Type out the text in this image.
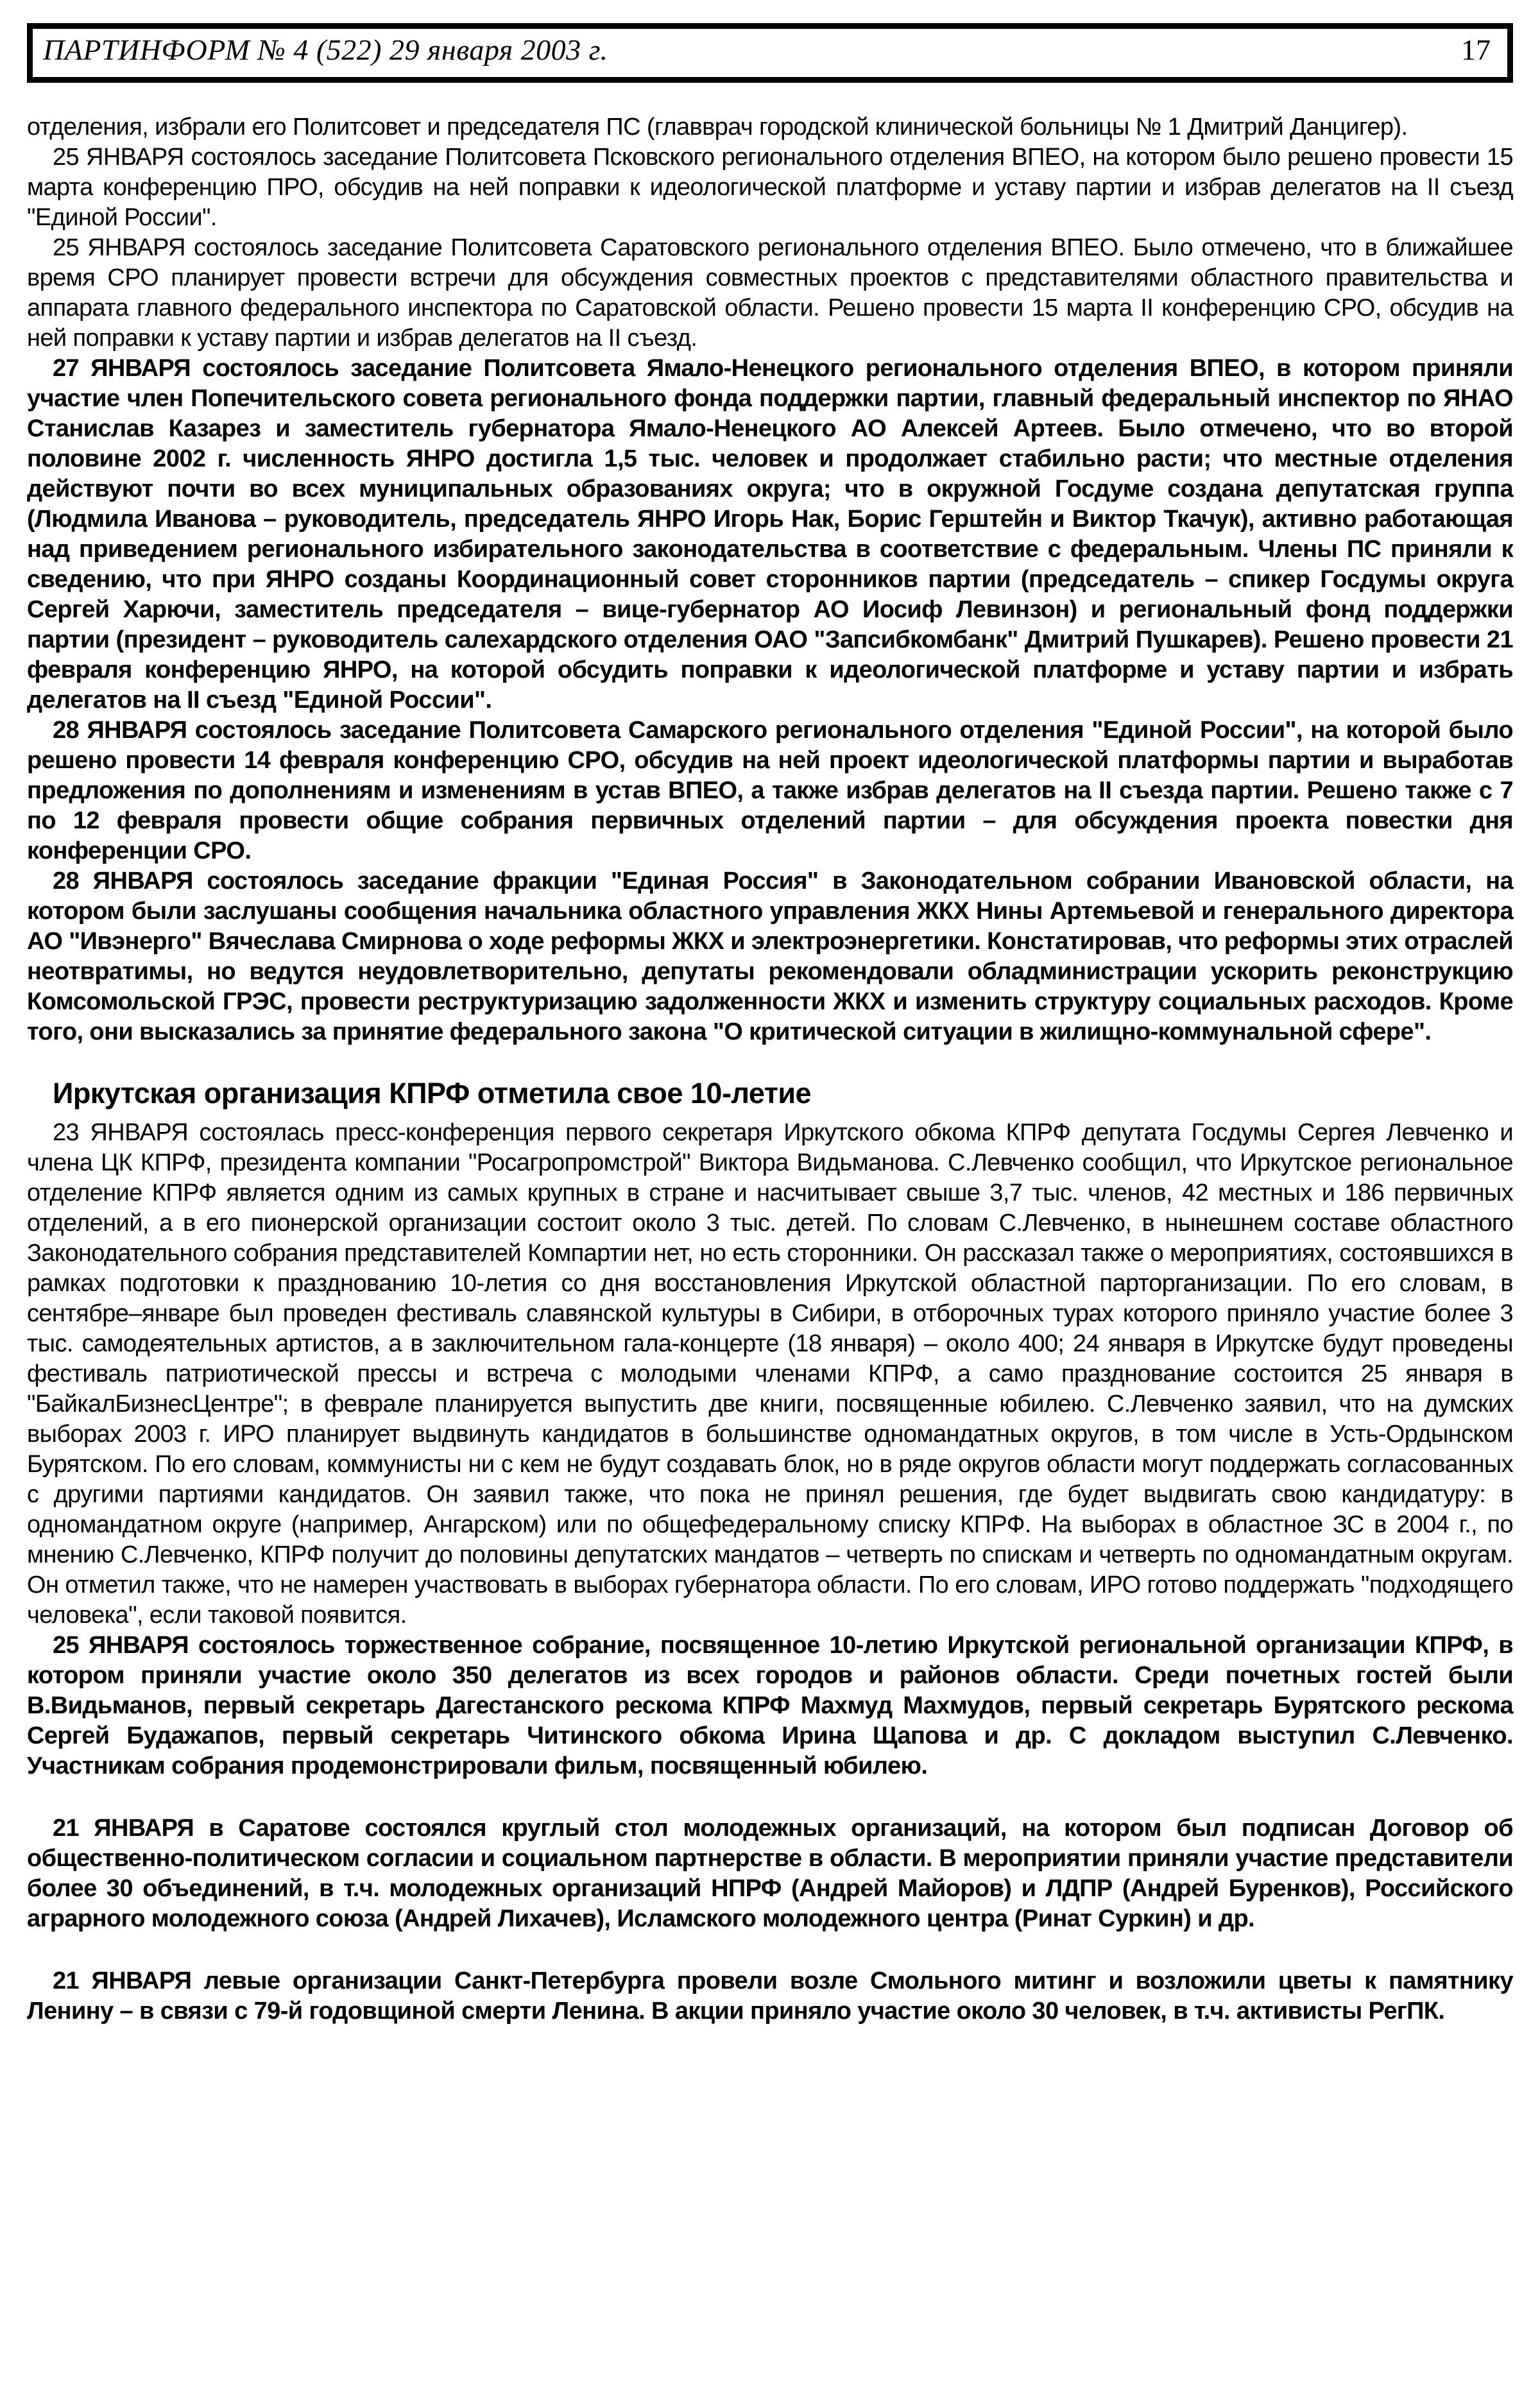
ПАРТИНФОРМ № 4 (522) 29 января 2003 г.	17

отделения, избрали его Политсовет и председателя ПС (главврач городской клинической больницы № 1 Дмитрий Данцигер).

25 ЯНВАРЯ состоялось заседание Политсовета Псковского регионального отделения ВПЕО, на котором было решено провести 15 марта конференцию ПРО, обсудив на ней поправки к идеологической платформе и уставу партии и избрав делегатов на II съезд "Единой России".

25 ЯНВАРЯ состоялось заседание Политсовета Саратовского регионального отделения ВПЕО. Было отмечено, что в ближайшее время СРО планирует провести встречи для обсуждения совместных проектов с представителями областного правительства и аппарата главного федерального инспектора по Саратовской области. Решено провести 15 марта II конференцию СРО, обсудив на ней поправки к уставу партии и избрав делегатов на II съезд.

27 ЯНВАРЯ состоялось заседание Политсовета Ямало-Ненецкого регионального отделения ВПЕО, в котором приняли участие член Попечительского совета регионального фонда поддержки партии, главный федеральный инспектор по ЯНАО Станислав Казарез и заместитель губернатора Ямало-Ненецкого АО Алексей Артеев. Было отмечено, что во второй половине 2002 г. численность ЯНРО достигла 1,5 тыс. человек и продолжает стабильно расти; что местные отделения действуют почти во всех муниципальных образованиях округа; что в окружной Госдуме создана депутатская группа (Людмила Иванова – руководитель, председатель ЯНРО Игорь Нак, Борис Герштейн и Виктор Ткачук), активно работающая над приведением регионального избирательного законодательства в соответствие с федеральным. Члены ПС приняли к сведению, что при ЯНРО созданы Координационный совет сторонников партии (председатель – спикер Госдумы округа Сергей Харючи, заместитель председателя – вице-губернатор АО Иосиф Левинзон) и региональный фонд поддержки партии (президент – руководитель салехардского отделения ОАО "Запсибкомбанк" Дмитрий Пушкарев). Решено провести 21 февраля конференцию ЯНРО, на которой обсудить поправки к идеологической платформе и уставу партии и избрать делегатов на II съезд "Единой России".

28 ЯНВАРЯ состоялось заседание Политсовета Самарского регионального отделения "Единой России", на которой было решено провести 14 февраля конференцию СРО, обсудив на ней проект идеологической платформы партии и выработав предложения по дополнениям и изменениям в устав ВПЕО, а также избрав делегатов на II съезда партии. Решено также с 7 по 12 февраля провести общие собрания первичных отделений партии – для обсуждения проекта повестки дня конференции СРО.

28 ЯНВАРЯ состоялось заседание фракции "Единая Россия" в Законодательном собрании Ивановской области, на котором были заслушаны сообщения начальника областного управления ЖКХ Нины Артемьевой и генерального директора АО "Ивэнерго" Вячеслава Смирнова о ходе реформы ЖКХ и электроэнергетики. Констатировав, что реформы этих отраслей неотвратимы, но ведутся неудовлетворительно, депутаты рекомендовали обладминистрации ускорить реконструкцию Комсомольской ГРЭС, провести реструктуризацию задолженности ЖКХ и изменить структуру социальных расходов. Кроме того, они высказались за принятие федерального закона "О критической ситуации в жилищно-коммунальной сфере".

Иркутская организация КПРФ отметила свое 10-летие

23 ЯНВАРЯ состоялась пресс-конференция первого секретаря Иркутского обкома КПРФ депутата Госдумы Сергея Левченко и члена ЦК КПРФ, президента компании "Росагропромстрой" Виктора Видьманова. С.Левченко сообщил, что Иркутское региональное отделение КПРФ является одним из самых крупных в стране и насчитывает свыше 3,7 тыс. членов, 42 местных и 186 первичных отделений, а в его пионерской организации состоит около 3 тыс. детей. По словам С.Левченко, в нынешнем составе областного Законодательного собрания представителей Компартии нет, но есть сторонники. Он рассказал также о мероприятиях, состоявшихся в рамках подготовки к празднованию 10-летия со дня восстановления Иркутской областной парторганизации. По его словам, в сентябре–январе был проведен фестиваль славянской культуры в Сибири, в отборочных турах которого приняло участие более 3 тыс. самодеятельных артистов, а в заключительном гала-концерте (18 января) – около 400; 24 января в Иркутске будут проведены фестиваль патриотической прессы и встреча с молодыми членами КПРФ, а само празднование состоится 25 января в "БайкалБизнесЦентре"; в феврале планируется выпустить две книги, посвященные юбилею. С.Левченко заявил, что на думских выборах 2003 г. ИРО планирует выдвинуть кандидатов в большинстве одномандатных округов, в том числе в Усть-Ордынском Бурятском. По его словам, коммунисты ни с кем не будут создавать блок, но в ряде округов области могут поддержать согласованных с другими партиями кандидатов. Он заявил также, что пока не принял решения, где будет выдвигать свою кандидатуру: в одномандатном округе (например, Ангарском) или по общефедеральному списку КПРФ. На выборах в областное ЗС в 2004 г., по мнению С.Левченко, КПРФ получит до половины депутатских мандатов – четверть по спискам и четверть по одномандатным округам. Он отметил также, что не намерен участвовать в выборах губернатора области. По его словам, ИРО готово поддержать "подходящего человека", если таковой появится.

25 ЯНВАРЯ состоялось торжественное собрание, посвященное 10-летию Иркутской региональной организации КПРФ, в котором приняли участие около 350 делегатов из всех городов и районов области. Среди почетных гостей были В.Видьманов, первый секретарь Дагестанского рескома КПРФ Махмуд Махмудов, первый секретарь Бурятского рескома Сергей Будажапов, первый секретарь Читинского обкома Ирина Щапова и др. С докладом выступил С.Левченко. Участникам собрания продемонстрировали фильм, посвященный юбилею.

21 ЯНВАРЯ в Саратове состоялся круглый стол молодежных организаций, на котором был подписан Договор об общественно-политическом согласии и социальном партнерстве в области. В мероприятии приняли участие представители более 30 объединений, в т.ч. молодежных организаций НПРФ (Андрей Майоров) и ЛДПР (Андрей Буренков), Российского аграрного молодежного союза (Андрей Лихачев), Исламского молодежного центра (Ринат Суркин) и др.

21 ЯНВАРЯ левые организации Санкт-Петербурга провели возле Смольного митинг и возложили цветы к памятнику Ленину – в связи с 79-й годовщиной смерти Ленина. В акции приняло участие около 30 человек, в т.ч. активисты РегПК.
